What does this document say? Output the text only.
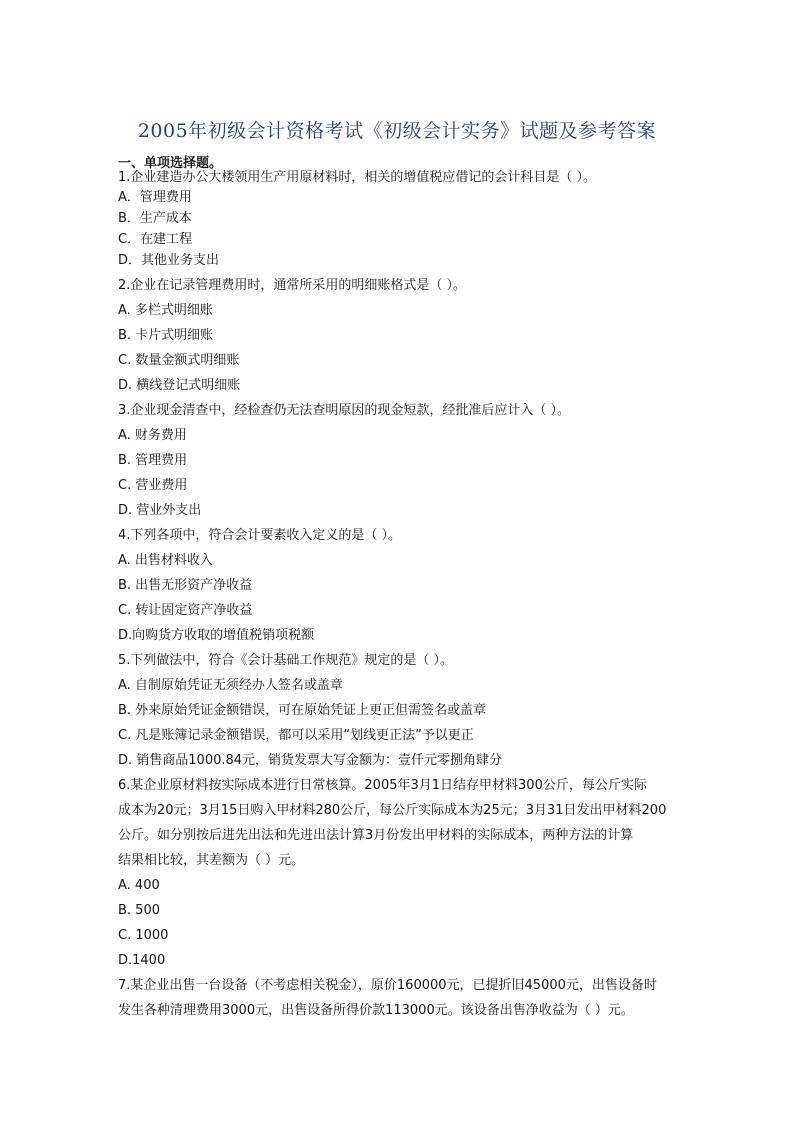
2005年初级会计资格考试《初级会计实务》试题及参考答案
一、单项选择题。
1.企业建造办公大楼领用生产用原材料时，相关的增值税应借记的会计科目是（ ）。
A．管理费用
B．生产成本
C．在建工程
D．其他业务支出
2.企业在记录管理费用时，通常所采用的明细账格式是（ ）。
A. 多栏式明细账
B. 卡片式明细账
C. 数量金额式明细账
D. 横线登记式明细账
3.企业现金清查中，经检查仍无法查明原因的现金短款，经批准后应计入（ ）。
A. 财务费用
B. 管理费用
C. 营业费用
D. 营业外支出
4.下列各项中，符合会计要素收入定义的是（ ）。
A. 出售材料收入
B. 出售无形资产净收益
C. 转让固定资产净收益
D.向购货方收取的增值税销项税额
5.下列做法中，符合《会计基础工作规范》规定的是（ ）。
A. 自制原始凭证无须经办人签名或盖章
B. 外来原始凭证金额错误，可在原始凭证上更正但需签名或盖章
C. 凡是账簿记录金额错误，都可以采用“划线更正法”予以更正
D. 销售商品1000.84元，销货发票大写金额为：壹仟元零捌角肆分
6.某企业原材料按实际成本进行日常核算。2005年3月1日结存甲材料300公斤，每公斤实际
成本为20元；3月15日购入甲材料280公斤，每公斤实际成本为25元；3月31日发出甲材料200
公斤。如分别按后进先出法和先进出法计算3月份发出甲材料的实际成本，两种方法的计算
结果相比较，其差额为（ ）元。
A. 400
B. 500
C. 1000
D.1400
7.某企业出售一台设备（不考虑相关税金），原价160000元，已提折旧45000元，出售设备时
发生各种清理费用3000元，出售设备所得价款113000元。该设备出售净收益为（ ）元。
